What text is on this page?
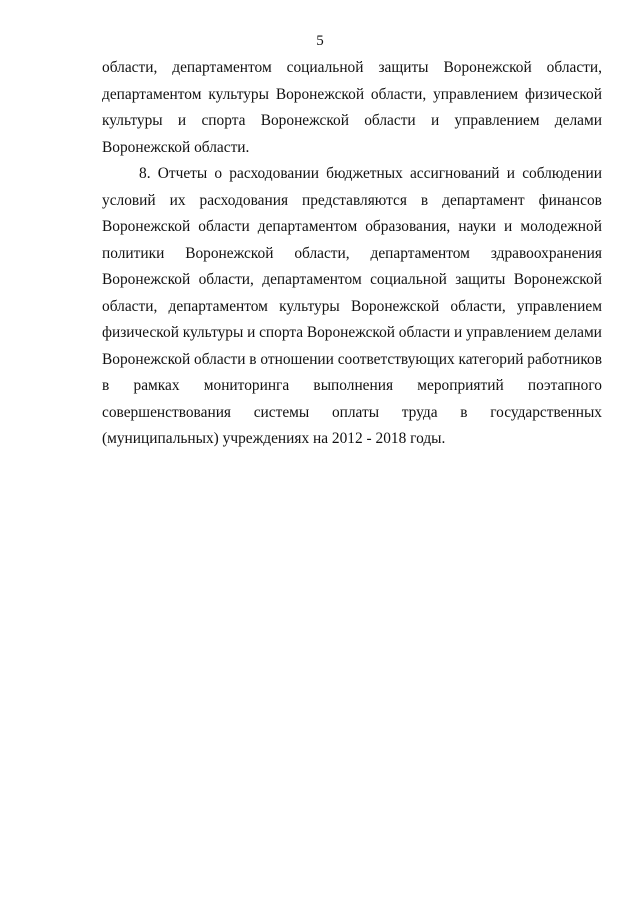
5
области, департаментом социальной защиты Воронежской области,
департаментом культуры Воронежской области, управлением физической
культуры и спорта Воронежской области и управлением делами
Воронежской области.
8. Отчеты о расходовании бюджетных ассигнований и соблюдении
условий их расходования представляются в департамент финансов
Воронежской области департаментом образования, науки и молодежной
политики Воронежской области, департаментом здравоохранения
Воронежской области, департаментом социальной защиты Воронежской
области, департаментом культуры Воронежской области, управлением
физической культуры и спорта Воронежской области и управлением делами
Воронежской области в отношении соответствующих категорий работников
в рамках мониторинга выполнения мероприятий поэтапного
совершенствования системы оплаты труда в государственных
(муниципальных) учреждениях на 2012 - 2018 годы.
